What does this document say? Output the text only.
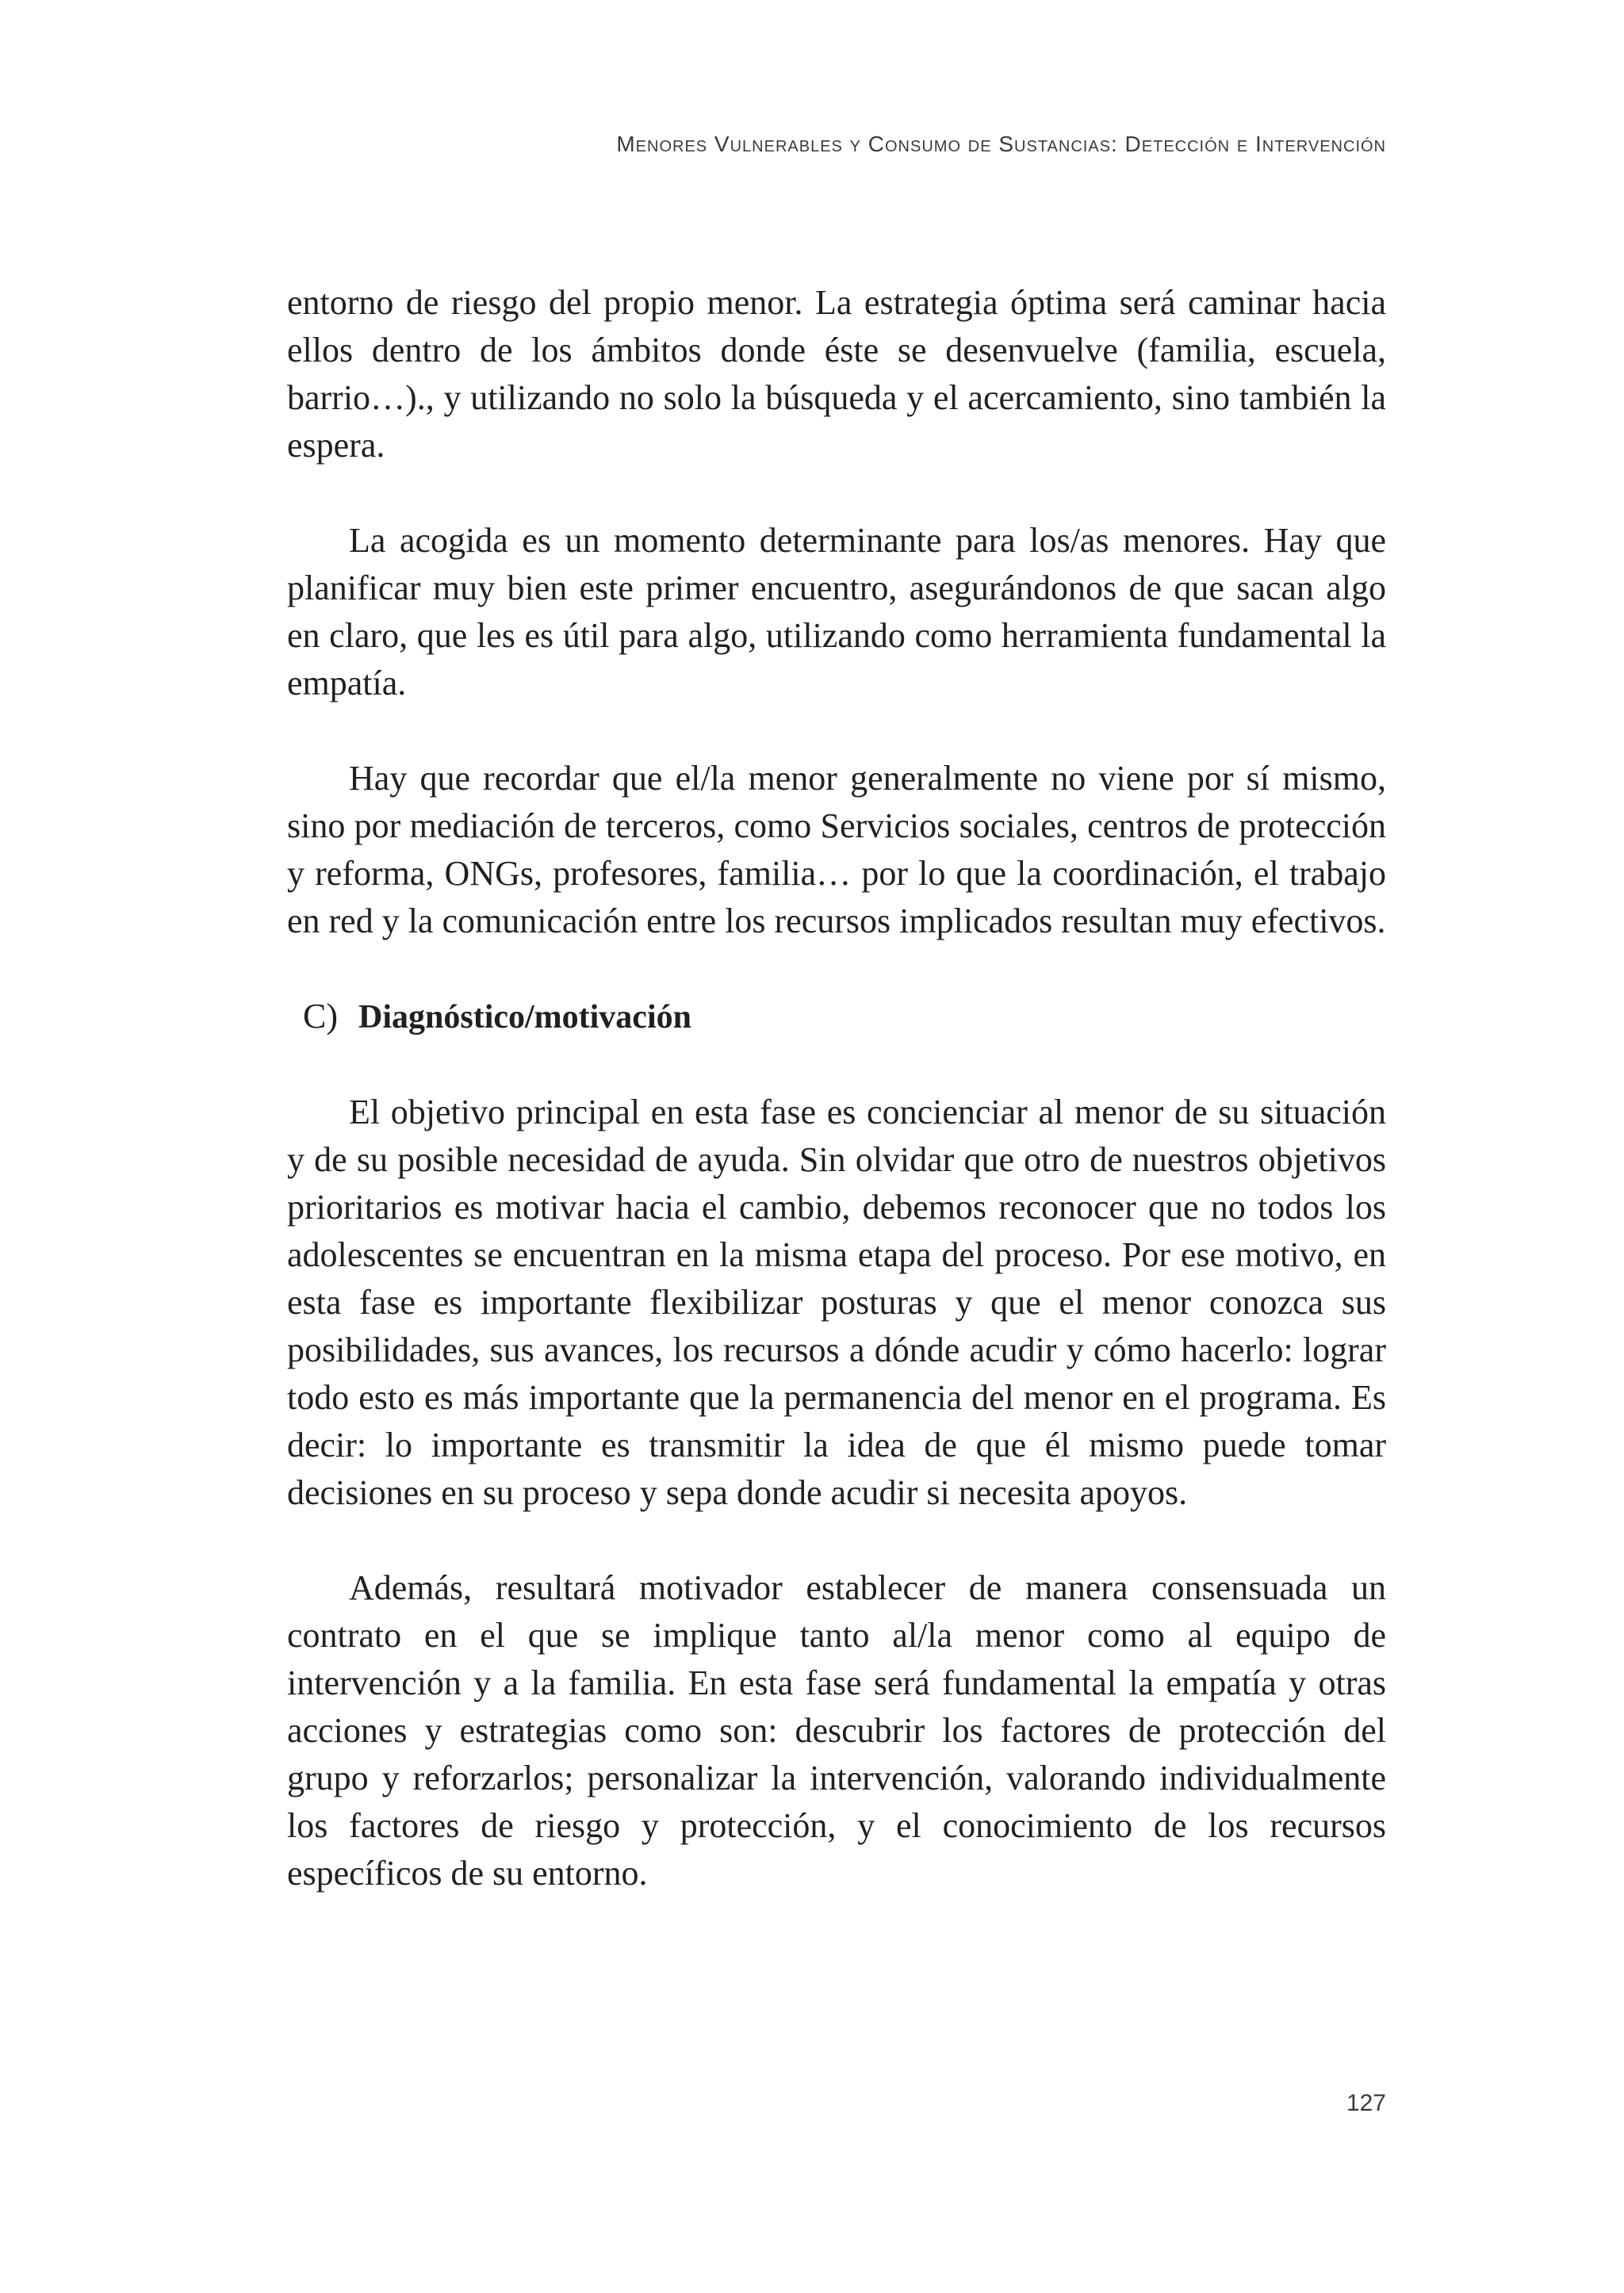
Menores Vulnerables y Consumo de Sustancias: Detección e Intervención

entorno de riesgo del propio menor. La estrategia óptima será caminar hacia ellos dentro de los ámbitos donde éste se desenvuelve (familia, escuela, barrio…)., y utilizando no solo la búsqueda y el acercamiento, sino también la espera.

La acogida es un momento determinante para los/as menores. Hay que planificar muy bien este primer encuentro, asegurándonos de que sacan algo en claro, que les es útil para algo, utilizando como herramienta fundamental la empatía.

Hay que recordar que el/la menor generalmente no viene por sí mismo, sino por mediación de terceros, como Servicios sociales, centros de protección y reforma, ONGs, profesores, familia… por lo que la coordinación, el trabajo en red y la comunicación entre los recursos implicados resultan muy efectivos.

C) Diagnóstico/motivación

El objetivo principal en esta fase es concienciar al menor de su situación y de su posible necesidad de ayuda. Sin olvidar que otro de nuestros objetivos prioritarios es motivar hacia el cambio, debemos reconocer que no todos los adolescentes se encuentran en la misma etapa del proceso. Por ese motivo, en esta fase es importante flexibilizar posturas y que el menor conozca sus posibilidades, sus avances, los recursos a dónde acudir y cómo hacerlo: lograr todo esto es más importante que la permanencia del menor en el programa. Es decir: lo importante es transmitir la idea de que él mismo puede tomar decisiones en su proceso y sepa donde acudir si necesita apoyos.

Además, resultará motivador establecer de manera consensuada un contrato en el que se implique tanto al/la menor como al equipo de intervención y a la familia. En esta fase será fundamental la empatía y otras acciones y estrategias como son: descubrir los factores de protección del grupo y reforzarlos; personalizar la intervención, valorando individualmente los factores de riesgo y protección, y el conocimiento de los recursos específicos de su entorno.

127
